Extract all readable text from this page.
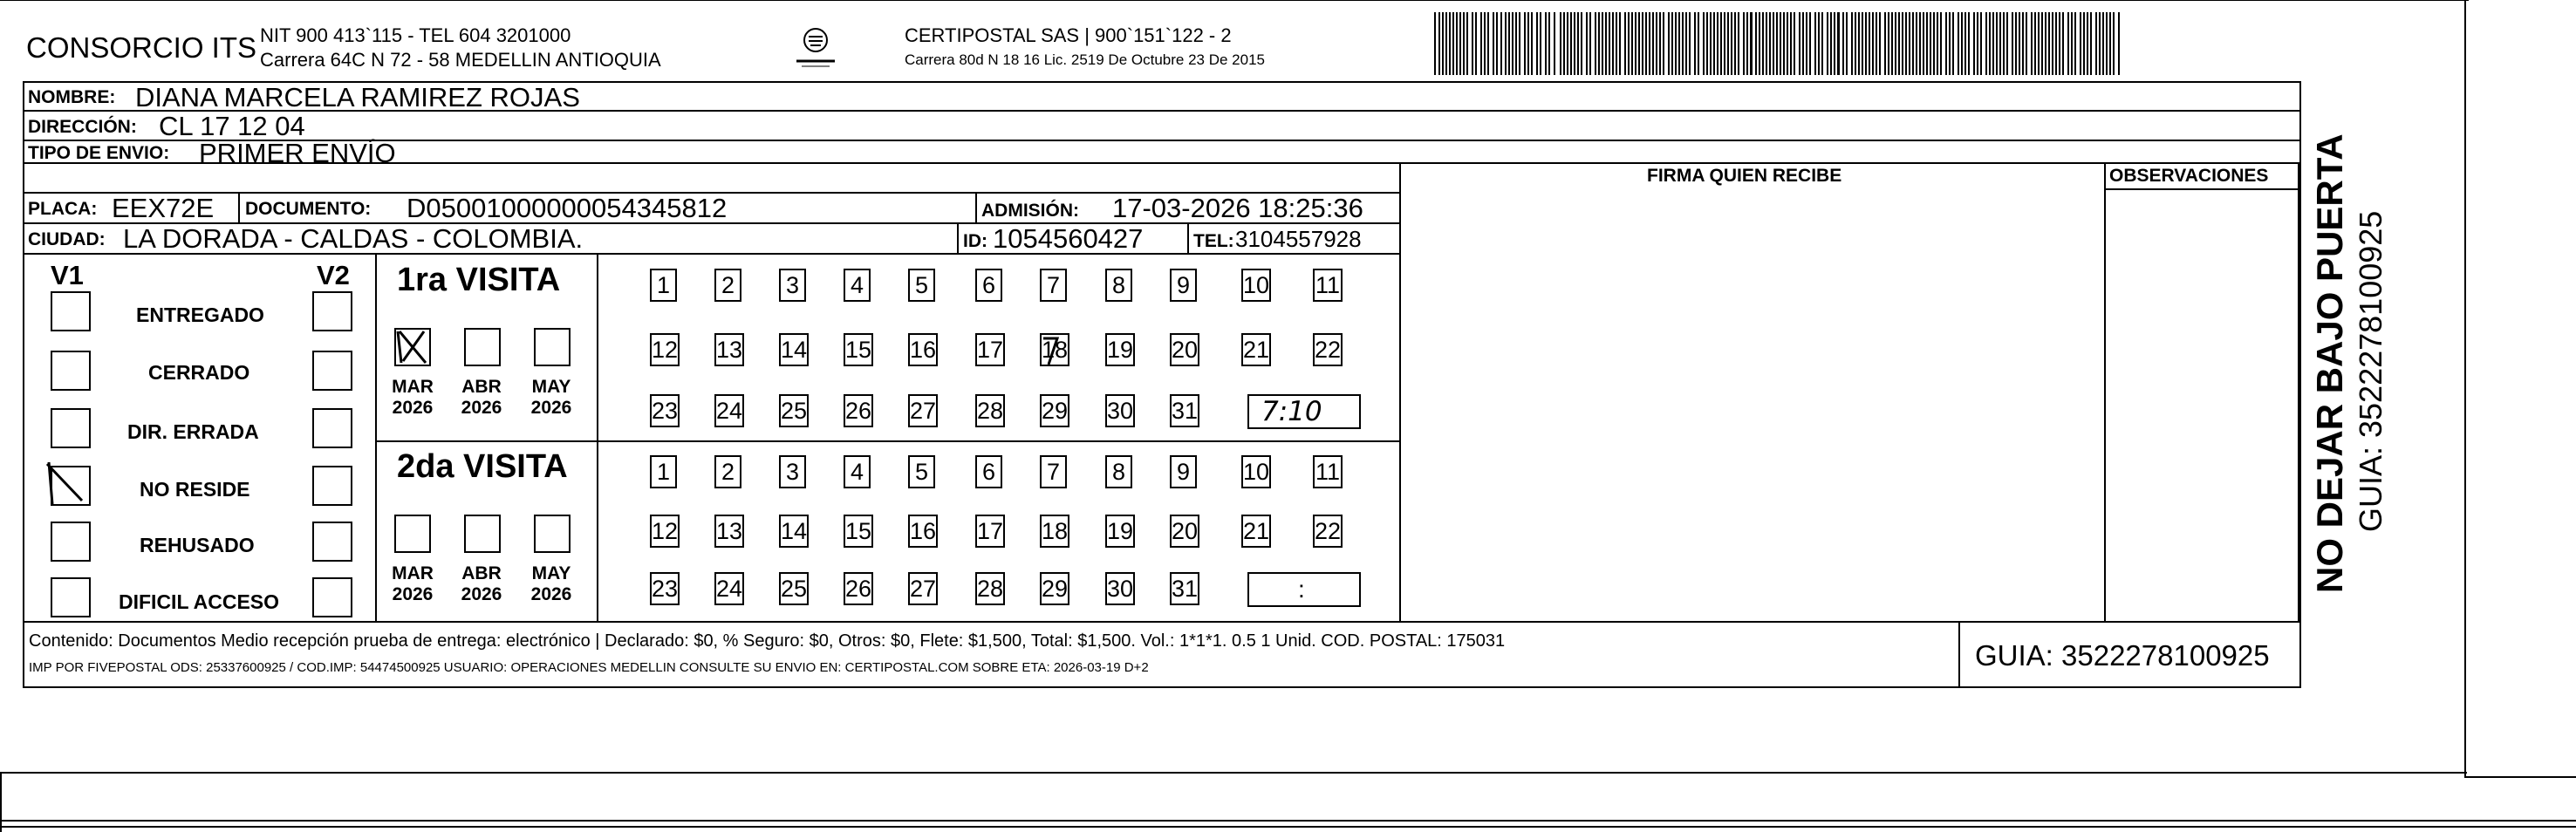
CONSORCIO ITS NIT 900 413`115 - TEL 604 3201000
Carrera 64C N 72 - 58 MEDELLIN ANTIOQUIA
CERTIPOSTAL SAS | 900`151`122 - 2
Carrera 80d N 18 16 Lic. 2519 De Octubre 23 De 2015
NOMBRE: DIANA MARCELA RAMIREZ ROJAS
DIRECCIÓN: CL 17 12 04
TIPO DE ENVIO: PRIMER ENVÍO
PLACA: EEX72E DOCUMENTO: D05001000000054345812	ADMISIÓN: 17-03-2026 18:25:36
CIUDAD: LA DORADA - CALDAS - COLOMBIA.	ID: 1054560427	TEL: 3104557928
FIRMA QUIEN RECIBE	OBSERVACIONES
V1	V2
ENTREGADO
CERRADO
DIR. ERRADA
NO RESIDE
REHUSADO
DIFICIL ACCESO
1ra VISITA
2da VISITA
MAR
2026
ABR
2026
MAY
2026
MAR
2026
ABR
2026
MAY
2026
1 2 3 4 5 6 7 8 9 10 11
12 13 14 15 16 17 18 19 20 21 22
23 24 25 26 27 28 29 30 31
1 2 3 4 5 6 7 8 9 10 11
12 13 14 15 16 17 18 19 20 21 22
23 24 25 26 27 28 29 30 31
7:10
:
Contenido: Documentos Medio recepción prueba de entrega: electrónico | Declarado: $0, % Seguro: $0, Otros: $0, Flete: $1,500, Total: $1,500. Vol.: 1*1*1. 0.5 1 Unid. COD. POSTAL: 175031
IMP POR FIVEPOSTAL ODS: 25337600925 / COD.IMP: 54474500925 USUARIO: OPERACIONES MEDELLIN CONSULTE SU ENVIO EN: CERTIPOSTAL.COM SOBRE ETA: 2026-03-19 D+2	GUIA: 3522278100925
NO DEJAR BAJO PUERTA GUIA: 3522278100925
